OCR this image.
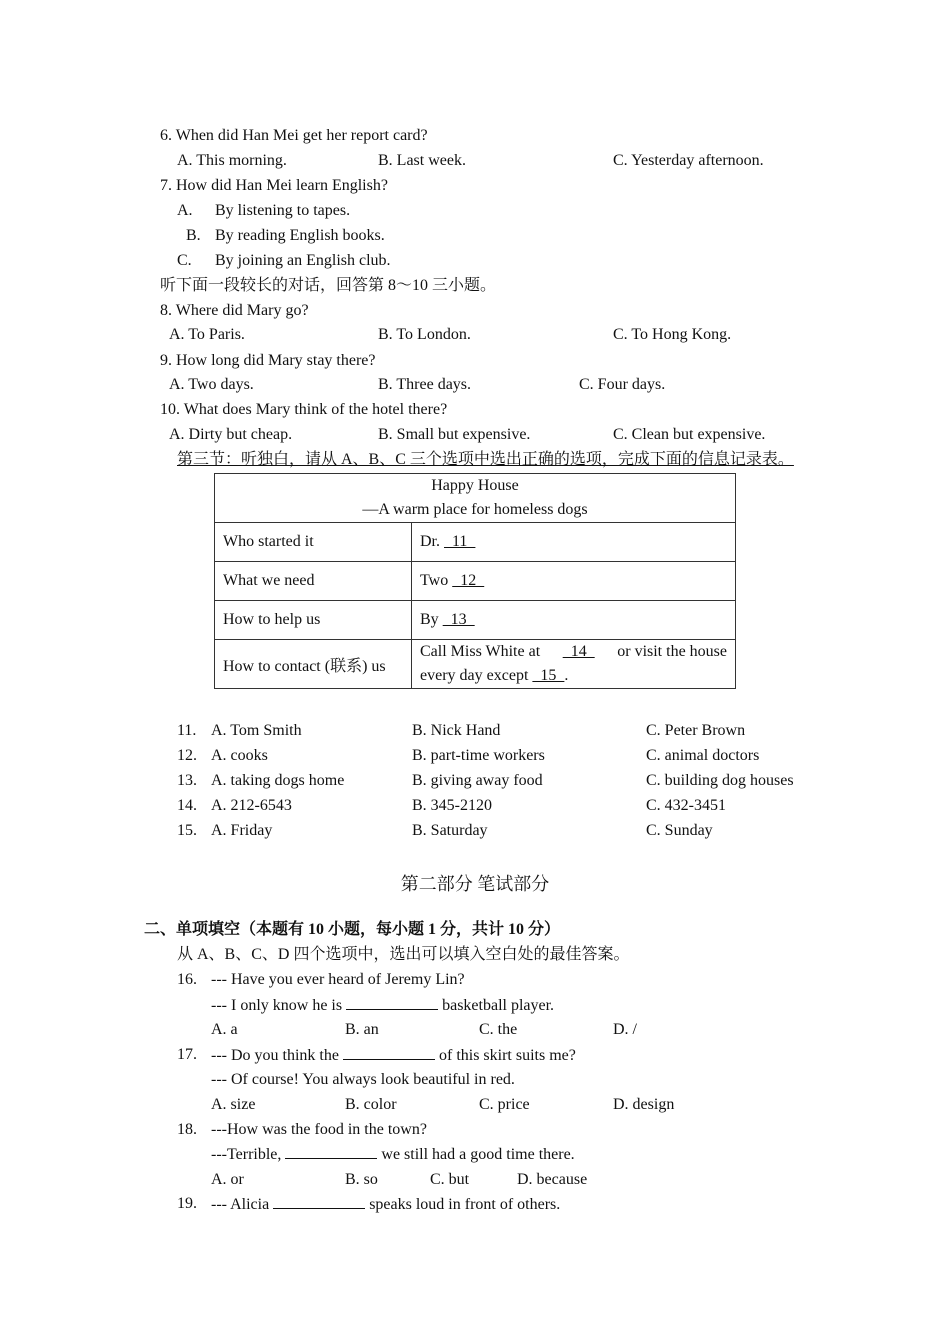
6. When did Han Mei get her report card?
A. This morning.	B. Last week.	C. Yesterday afternoon.
7. How did Han Mei learn English?
A. By listening to tapes.
B. By reading English books.
C. By joining an English club.
听下面一段较长的对话，回答第 8～10 三小题。
8. Where did Mary go?
A. To Paris.	B. To London.	C. To Hong Kong.
9. How long did Mary stay there?
A. Two days.	B. Three days.	C. Four days.
10. What does Mary think of the hotel there?
A. Dirty but cheap.	B. Small but expensive.	C. Clean but expensive.
第三节：听独白，请从 A、B、C 三个选项中选出正确的选项，完成下面的信息记录表。
Happy House
—A warm place for homeless dogs	

Who started it	Dr.   11
What we need	Two   12
How to help us	By   13
How to contact (联系) us	Call Miss White at 14 or visit the house
every day except   15  .
11. A. Tom Smith	B. Nick Hand	C. Peter Brown
12. A. cooks	B. part-time workers	C. animal doctors
13. A. taking dogs home	B. giving away food	C. building dog houses
14. A. 212-6543	B. 345-2120	C. 432-3451
15. A. Friday	B. Saturday	C. Sunday
第二部分 笔试部分
二、单项填空（本题有 10 小题，每小题 1 分，共计 10 分）
从 A、B、C、D 四个选项中，选出可以填入空白处的最佳答案。
16. --- Have you ever heard of Jeremy Lin?
--- I only know he is	basketball player.
A. a	B. an	C. the	D. /
17. --- Do you think the	of this skirt suits me?
--- Of course! You always look beautiful in red.
A. size	B. color	C. price	D. design
18. ---How was the food in the town?
---Terrible,	we still had a good time there.
A. or	B. so	C. but	D. because
19. --- Alicia	speaks loud in front of others.
